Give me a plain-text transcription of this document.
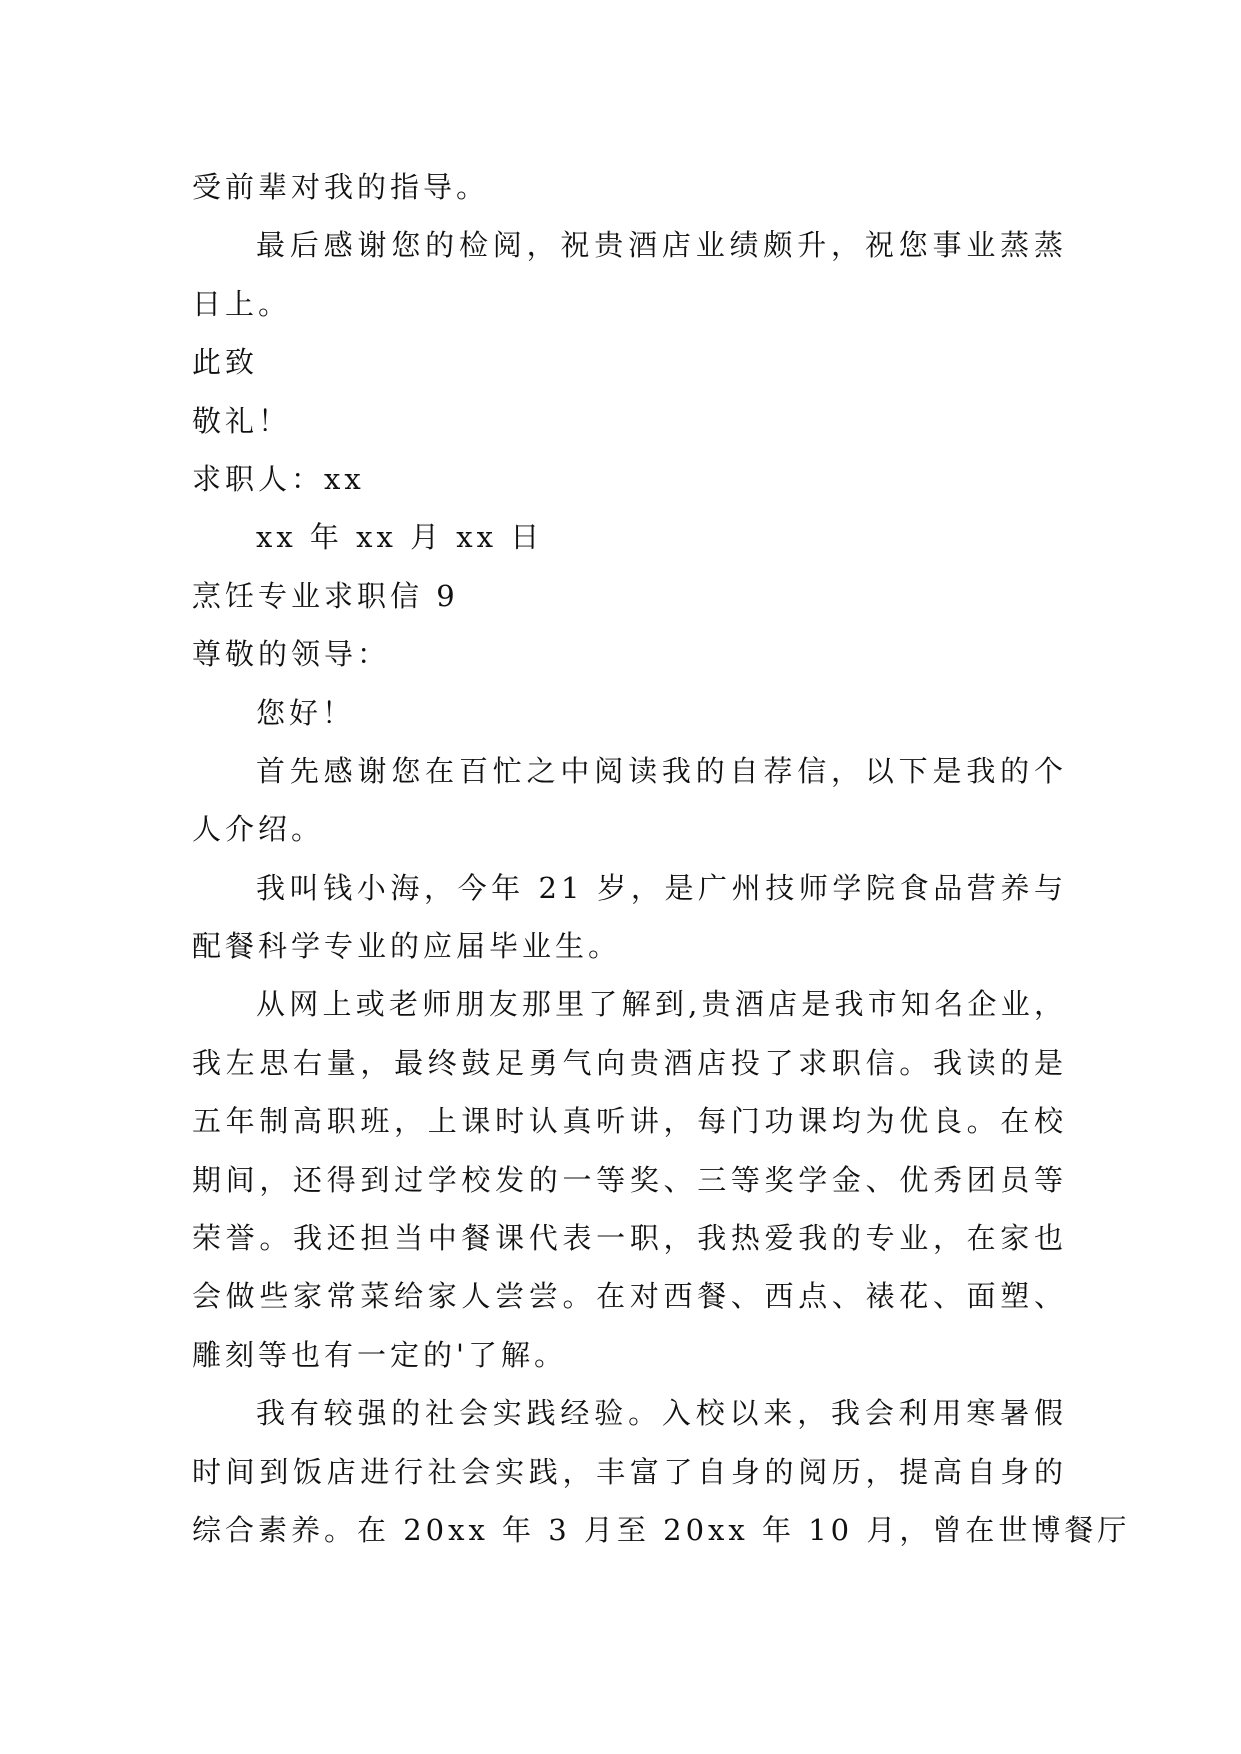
受前辈对我的指导。
最后感谢您的检阅，祝贵酒店业绩颇升，祝您事业蒸蒸
日上。
此致
敬礼！
求职人：xx
xx 年 xx 月 xx 日
烹饪专业求职信 9
尊敬的领导：
您好！
首先感谢您在百忙之中阅读我的自荐信，以下是我的个
人介绍。
我叫钱小海，今年 21 岁，是广州技师学院食品营养与
配餐科学专业的应届毕业生。
从网上或老师朋友那里了解到,贵酒店是我市知名企业，
我左思右量，最终鼓足勇气向贵酒店投了求职信。我读的是
五年制高职班，上课时认真听讲，每门功课均为优良。在校
期间，还得到过学校发的一等奖、三等奖学金、优秀团员等
荣誉。我还担当中餐课代表一职，我热爱我的专业，在家也
会做些家常菜给家人尝尝。在对西餐、西点、裱花、面塑、
雕刻等也有一定的'了解。
我有较强的社会实践经验。入校以来，我会利用寒暑假
时间到饭店进行社会实践，丰富了自身的阅历，提高自身的
综合素养。在 20xx 年 3 月至 20xx 年 10 月，曾在世博餐厅
